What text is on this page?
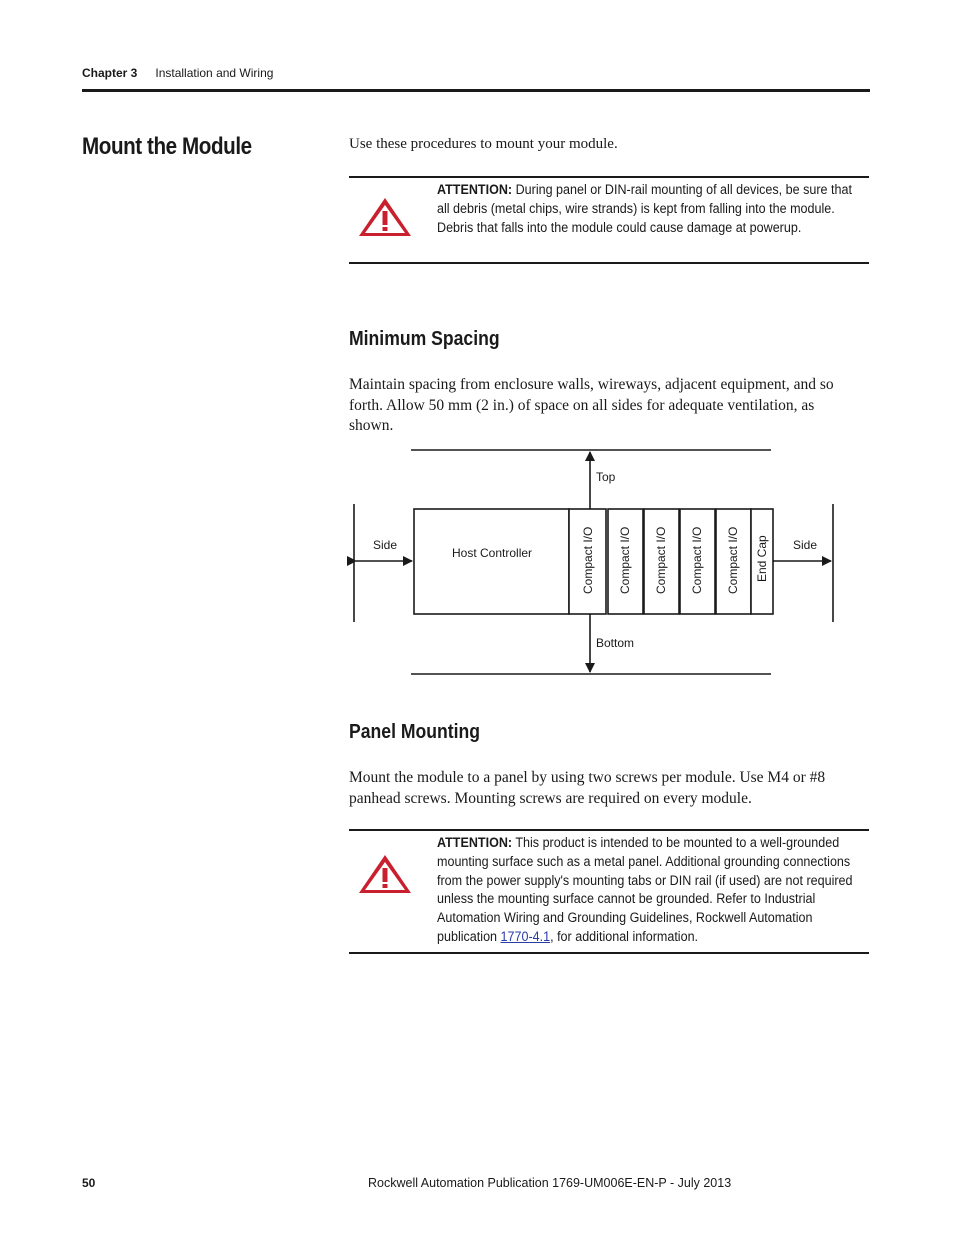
Chapter 3 Installation and Wiring
Mount the Module	Use these procedures to mount your module.
ATTENTION: During panel or DIN-rail mounting of all devices, be sure that all debris (metal chips, wire strands) is kept from falling into the module. Debris that falls into the module could cause damage at powerup.
Minimum Spacing
Maintain spacing from enclosure walls, wireways, adjacent equipment, and so forth. Allow 50 mm (2 in.) of space on all sides for adequate ventilation, as shown.
Top
Bottom
Side	Side
Host Controller	Compact I/O Compact I/O Compact I/O Compact I/O Compact I/O End Cap
Panel Mounting
Mount the module to a panel by using two screws per module. Use M4 or #8 panhead screws. Mounting screws are required on every module.
ATTENTION: This product is intended to be mounted to a well-grounded mounting surface such as a metal panel. Additional grounding connections from the power supply's mounting tabs or DIN rail (if used) are not required unless the mounting surface cannot be grounded. Refer to Industrial Automation Wiring and Grounding Guidelines, Rockwell Automation publication 1770-4.1, for additional information.
50	Rockwell Automation Publication 1769-UM006E-EN-P - July 2013
